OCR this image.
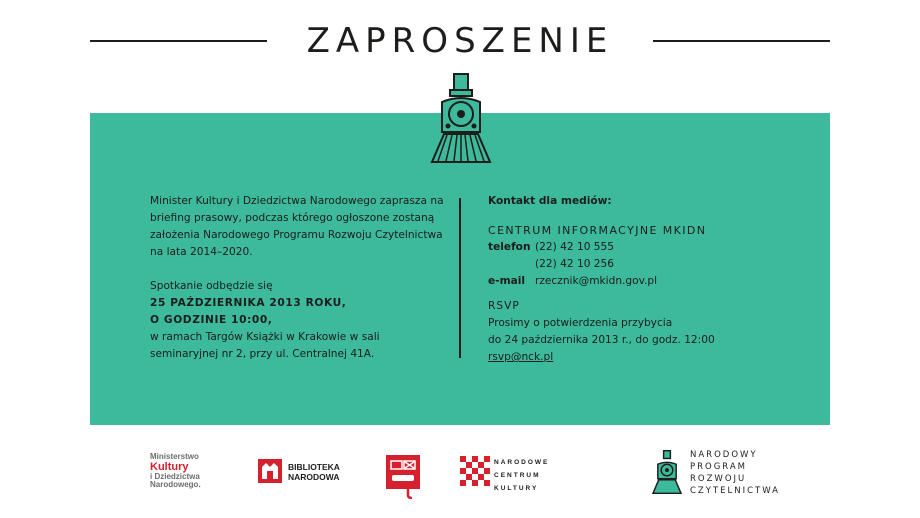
ZAPROSZENIE

Minister Kultury i Dziedzictwa Narodowego zaprasza na

briefing prasowy, podczas którego ogłoszone zostaną

założenia Narodowego Programu Rozwoju Czytelnictwa

na lata 2014–2020.

Spotkanie odbędzie się

25 PAŹDZIERNIKA 2013 ROKU,

O GODZINIE 10:00,

w ramach Targów Książki w Krakowie w sali

seminaryjnej nr 2, przy ul. Centralnej 41A.

Kontakt dla mediów:
CENTRUM INFORMACYJNE MKIDN
telefon (22) 42 10 555
(22) 42 10 256
e-mail rzecznik@mkidn.gov.pl
RSVP
Prosimy o potwierdzenia przybycia
do 24 października 2013 r., do godz. 12:00
rsvp@nck.pl
Ministerstwo
Kultury
i Dziedzictwa
Narodowego.
BIBLIOTEKA
NARODOWA
NARODOWE
CENTRUM
KULTURY
NARODOWY
PROGRAM
ROZWOJU
CZYTELNICTWA
